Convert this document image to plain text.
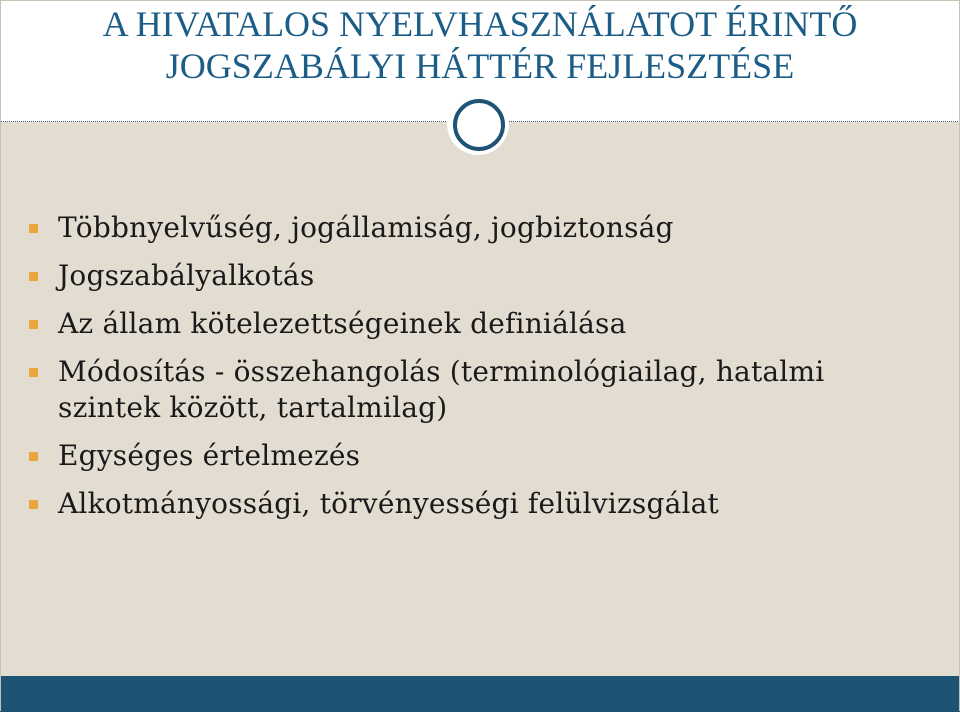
A HIVATALOS NYELVHASZNÁLATOT ÉRINTŐ
JOGSZABÁLYI HÁTTÉR FEJLESZTÉSE
Többnyelvűség, jogállamiság, jogbiztonság
Jogszabályalkotás
Az állam kötelezettségeinek definiálása
Módosítás - összehangolás (terminológiailag, hatalmi szintek között, tartalmilag)
Egységes értelmezés
Alkotmányossági, törvényességi felülvizsgálat
